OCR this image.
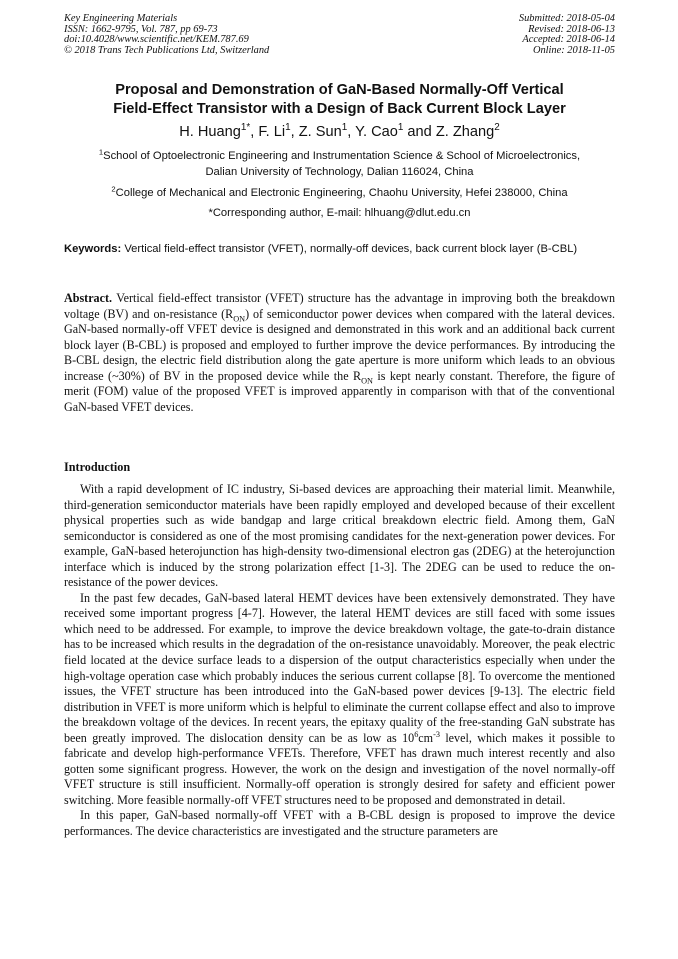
Key Engineering Materials
ISSN: 1662-9795, Vol. 787, pp 69-73
doi:10.4028/www.scientific.net/KEM.787.69
© 2018 Trans Tech Publications Ltd, Switzerland
Submitted: 2018-05-04
Revised: 2018-06-13
Accepted: 2018-06-14
Online: 2018-11-05
Proposal and Demonstration of GaN-Based Normally-Off Vertical
Field-Effect Transistor with a Design of Back Current Block Layer
H. Huang$^{1*}$, F. Li$^1$, Z. Sun$^1$, Y. Cao$^1$ and Z. Zhang$^2$
$^1$School of Optoelectronic Engineering and Instrumentation Science & School of Microelectronics,
Dalian University of Technology, Dalian 116024, China
$^2$College of Mechanical and Electronic Engineering, Chaohu University, Hefei 238000, China
*Corresponding author, E-mail: hlhuang@dlut.edu.cn
Keywords: Vertical field-effect transistor (VFET), normally-off devices, back current block layer (B-CBL)
Abstract. Vertical field-effect transistor (VFET) structure has the advantage in improving both the breakdown voltage (BV) and on-resistance $(R_{ON})$ of semiconductor power devices when compared with the lateral devices. GaN-based normally-off VFET device is designed and demonstrated in this work and an additional back current block layer (B-CBL) is proposed and employed to further improve the device performances. By introducing the B-CBL design, the electric field distribution along the gate aperture is more uniform which leads to an obvious increase (~30%) of BV in the proposed device while the $R_{ON}$ is kept nearly constant. Therefore, the figure of merit (FOM) value of the proposed VFET is improved apparently in comparison with that of the conventional GaN-based VFET devices.
Introduction

With a rapid development of IC industry, Si-based devices are approaching their material limit. Meanwhile, third-generation semiconductor materials have been rapidly employed and developed because of their excellent physical properties such as wide bandgap and large critical breakdown electric field. Among them, GaN semiconductor is considered as one of the most promising candidates for the next-generation power devices. For example, GaN-based heterojunction has high-density two-dimensional electron gas (2DEG) at the heterojunction interface which is induced by the strong polarization effect [1-3]. The 2DEG can be used to reduce the on-resistance of the power devices.

In the past few decades, GaN-based lateral HEMT devices have been extensively demonstrated. They have received some important progress [4-7]. However, the lateral HEMT devices are still faced with some issues which need to be addressed. For example, to improve the device breakdown voltage, the gate-to-drain distance has to be increased which results in the degradation of the on-resistance unavoidably. Moreover, the peak electric field located at the device surface leads to a dispersion of the output characteristics especially when under the high-voltage operation case which probably induces the serious current collapse [8]. To overcome the mentioned issues, the VFET structure has been introduced into the GaN-based power devices [9-13]. The electric field distribution in VFET is more uniform which is helpful to eliminate the current collapse effect and also to improve the breakdown voltage of the devices. In recent years, the epitaxy quality of the free-standing GaN substrate has been greatly improved. The dislocation density can be as low as $10^6cm^{-3}$ level, which makes it possible to fabricate and develop high-performance VFETs. Therefore, VFET has drawn much interest recently and also gotten some significant progress. However, the work on the design and investigation of the novel normally-off VFET structure is still insufficient. Normally-off operation is strongly desired for safety and efficient power switching. More feasible normally-off VFET structures need to be proposed and demonstrated in detail.

In this paper, GaN-based normally-off VFET with a B-CBL design is proposed to improve the device performances. The device characteristics are investigated and the structure parameters are
